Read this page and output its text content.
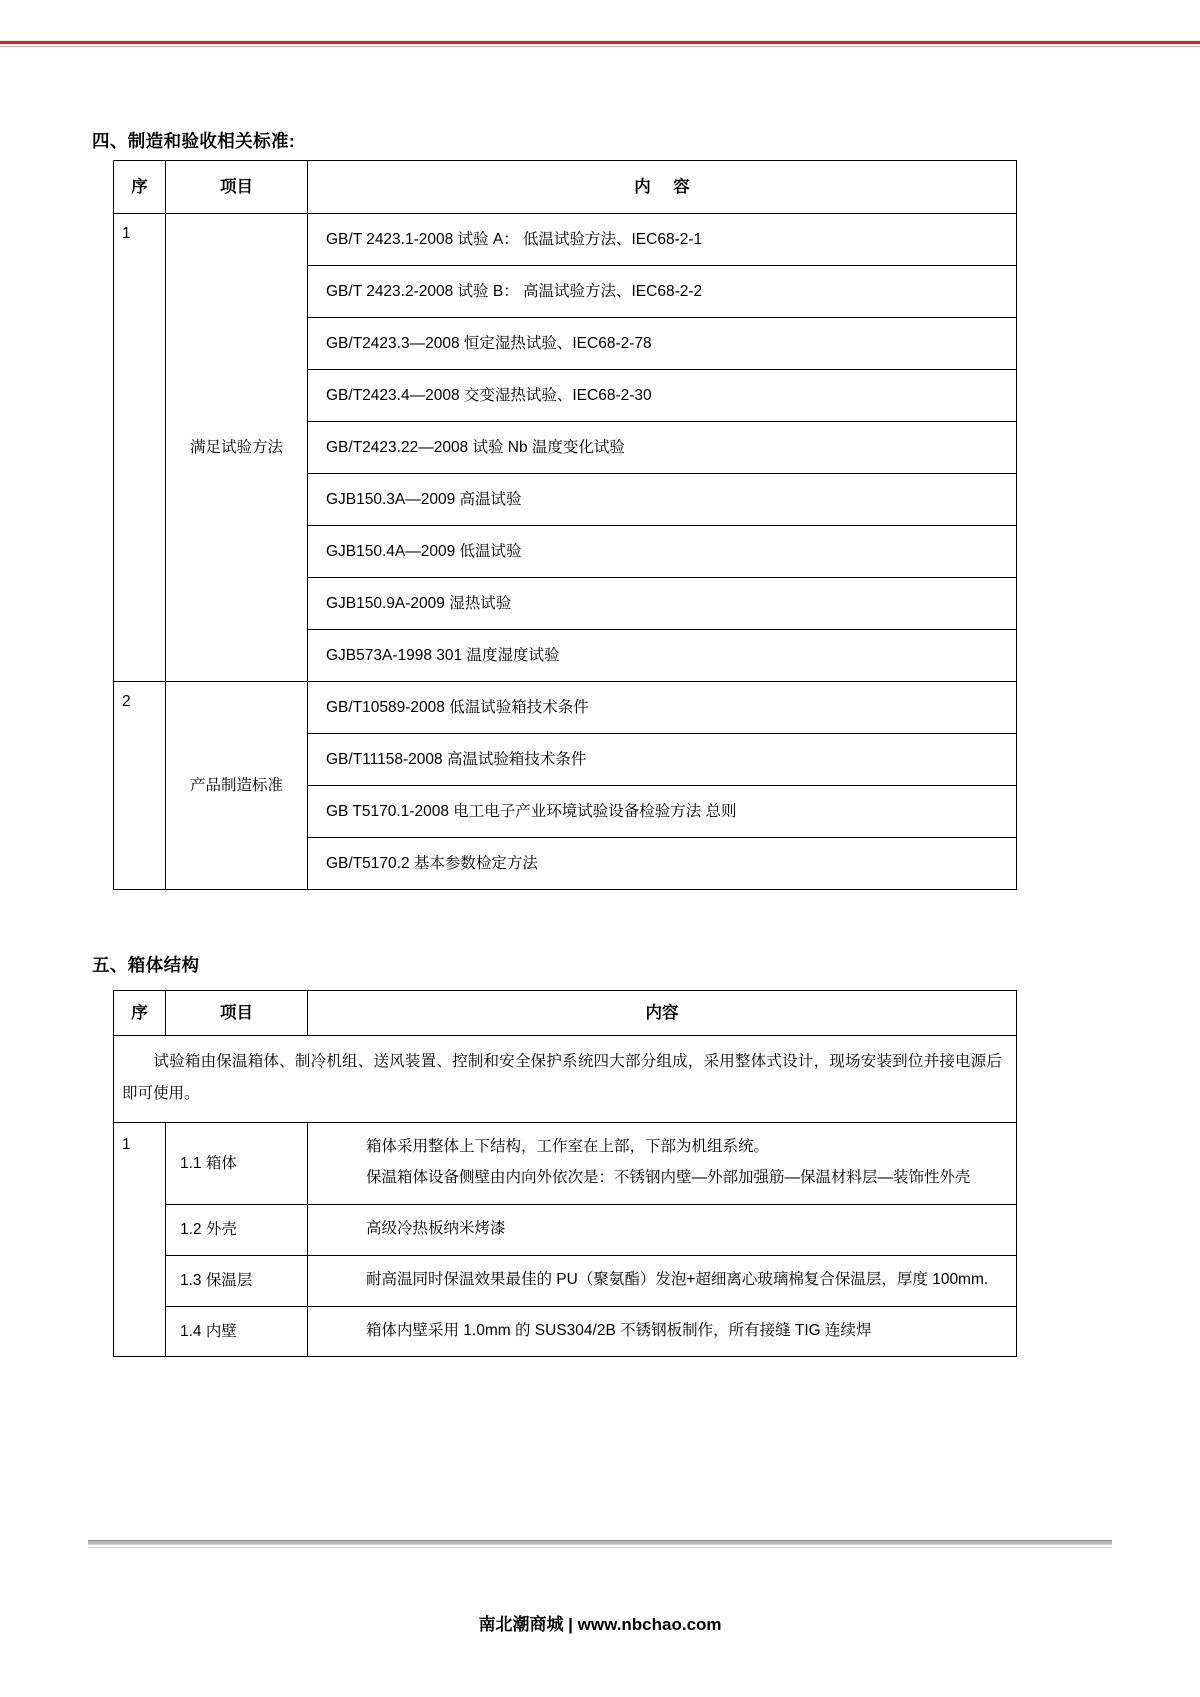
四、制造和验收相关标准:
序	项目	内 容
1	满足试验方法	GB/T 2423.1-2008 试验 A： 低温试验方法、IEC68-2-1
		GB/T 2423.2-2008 试验 B： 高温试验方法、IEC68-2-2
		GB/T2423.3—2008 恒定湿热试验、IEC68-2-78
		GB/T2423.4—2008 交变湿热试验、IEC68-2-30
		GB/T2423.22—2008 试验 Nb 温度变化试验
		GJB150.3A—2009 高温试验
		GJB150.4A—2009 低温试验
		GJB150.9A-2009 湿热试验
		GJB573A-1998 301 温度湿度试验
2	产品制造标准	GB/T10589-2008 低温试验箱技术条件
		GB/T11158-2008 高温试验箱技术条件
		GB T5170.1-2008 电工电子产业环境试验设备检验方法 总则
		GB/T5170.2 基本参数检定方法
五、箱体结构
序	项目	内容
　　试验箱由保温箱体、制冷机组、送风装置、控制和安全保护系统四大部分组成，采用整体式设计，现场安装到位并接电源后即可使用。		
1	1.1 箱体	箱体采用整体上下结构，工作室在上部，下部为机组系统。
保温箱体设备侧壁由内向外依次是：不锈钢内壁—外部加强筋—保温材料层—装饰性外壳

	1.2 外壳	高级冷热板纳米烤漆
	1.3 保温层	耐高温同时保温效果最佳的 PU（聚氨酯）发泡+超细离心玻璃棉复合保温层，厚度 100mm.

	1.4 内壁	箱体内壁采用 1.0mm 的 SUS304/2B 不锈钢板制作，所有接缝 TIG 连续焊
南北潮商城 | www.nbchao.com
